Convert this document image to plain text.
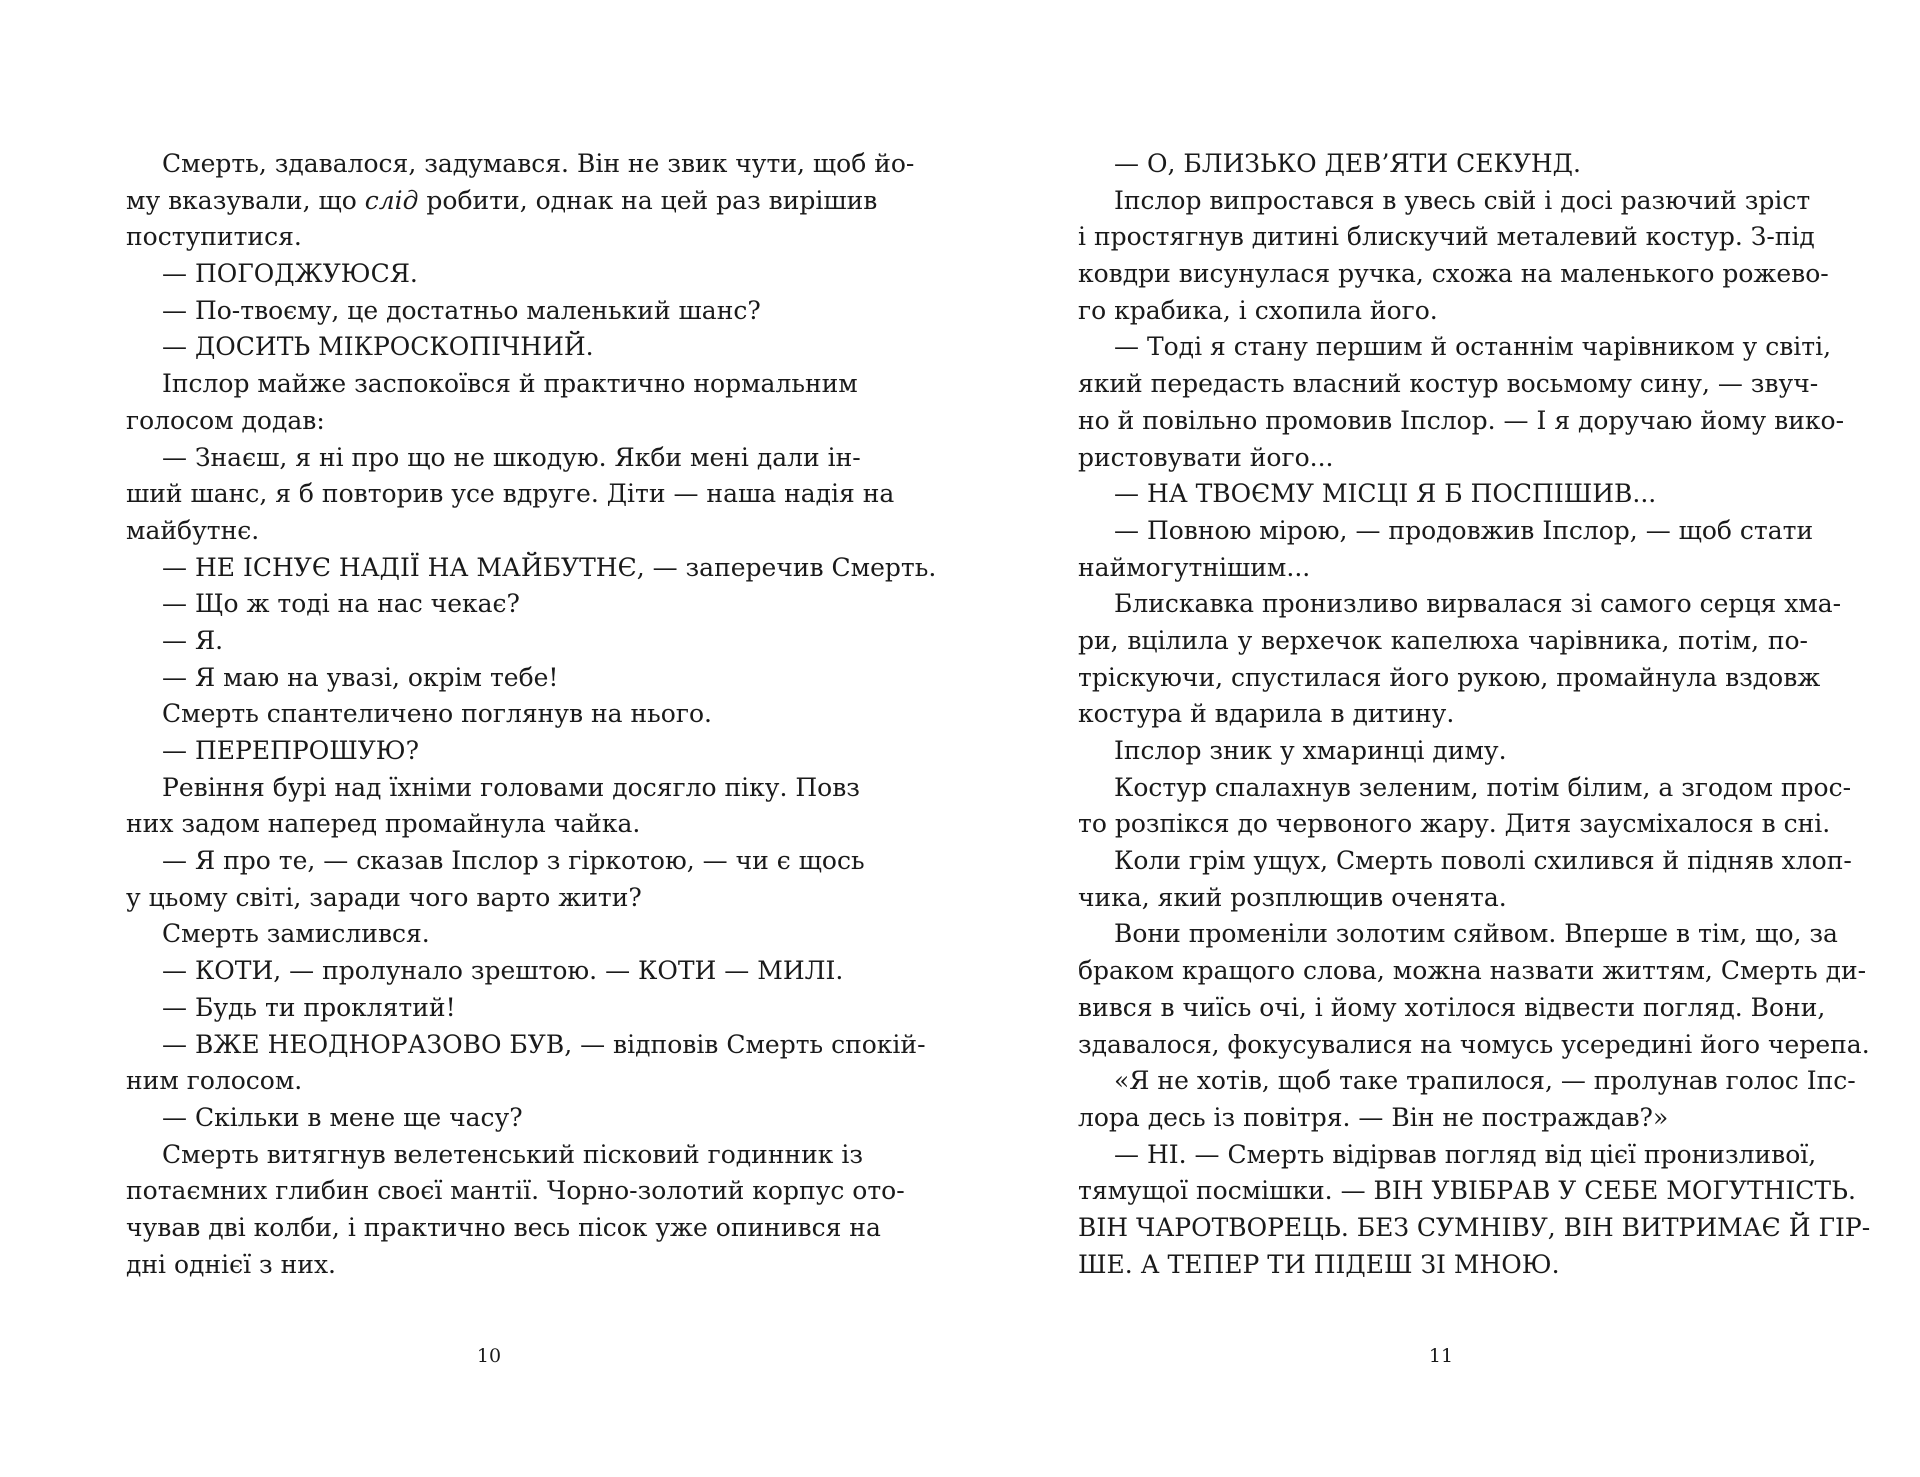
Смерть, здавалося, задумався. Він не звик чути, щоб йо-
му вказували, що слід робити, однак на цей раз вирішив
поступитися.
— ПОГОДЖУЮСЯ.
— По-твоєму, це достатньо маленький шанс?
— ДОСИТЬ МІКРОСКОПІЧНИЙ.
Іпслор майже заспокоївся й практично нормальним
голосом додав:
— Знаєш, я ні про що не шкодую. Якби мені дали ін-
ший шанс, я б повторив усе вдруге. Діти — наша надія на
майбутнє.
— НЕ ІСНУЄ НАДІЇ НА МАЙБУТНЄ, — заперечив Смерть.
— Що ж тоді на нас чекає?
— Я.
— Я маю на увазі, окрім тебе!
Смерть спантеличено поглянув на нього.
— ПЕРЕПРОШУЮ?
Ревіння бурі над їхніми головами досягло піку. Повз
них задом наперед промайнула чайка.
— Я про те, — сказав Іпслор з гіркотою, — чи є щось
у цьому світі, заради чого варто жити?
Смерть замислився.
— КОТИ, — пролунало зрештою. — КОТИ — МИЛІ.
— Будь ти проклятий!
— ВЖЕ НЕОДНОРАЗОВО БУВ, — відповів Смерть спокій-
ним голосом.
— Скільки в мене ще часу?
Смерть витягнув велетенський пісковий годинник із
потаємних глибин своєї мантії. Чорно-золотий корпус ото-
чував дві колби, і практично весь пісок уже опинився на
дні однієї з них.
— О, БЛИЗЬКО ДЕВ’ЯТИ СЕКУНД.
Іпслор випростався в увесь свій і досі разючий зріст
і простягнув дитині блискучий металевий костур. З-під
ковдри висунулася ручка, схожа на маленького рожево-
го крабика, і схопила його.
— Тоді я стану першим й останнім чарівником у світі,
який передасть власний костур восьмому сину, — звуч-
но й повільно промовив Іпслор. — І я доручаю йому вико-
ристовувати його...
— НА ТВОЄМУ МІСЦІ Я Б ПОСПІШИВ...
— Повною мірою, — продовжив Іпслор, — щоб стати
наймогутнішим...
Блискавка пронизливо вирвалася зі самого серця хма-
ри, вцілила у верхечок капелюха чарівника, потім, по-
тріскуючи, спустилася його рукою, промайнула вздовж
костура й вдарила в дитину.
Іпслор зник у хмаринці диму.
Костур спалахнув зеленим, потім білим, а згодом прос-
то розпікся до червоного жару. Дитя заусміхалося в сні.
Коли грім ущух, Смерть поволі схилився й підняв хлоп-
чика, який розплющив оченята.
Вони променіли золотим сяйвом. Вперше в тім, що, за
браком кращого слова, можна назвати життям, Смерть ди-
вився в чиїсь очі, і йому хотілося відвести погляд. Вони,
здавалося, фокусувалися на чомусь усередині його черепа.
«Я не хотів, щоб таке трапилося, — пролунав голос Іпс-
лора десь із повітря. — Він не постраждав?»
— НІ. — Смерть відірвав погляд від цієї пронизливої,
тямущої посмішки. — ВІН УВІБРАВ У СЕБЕ МОГУТНІСТЬ.
ВІН ЧАРОТВОРЕЦЬ. БЕЗ СУМНІВУ, ВІН ВИТРИМАЄ Й ГІР-
ШЕ. А ТЕПЕР ТИ ПІДЕШ ЗІ МНОЮ.
10	11
